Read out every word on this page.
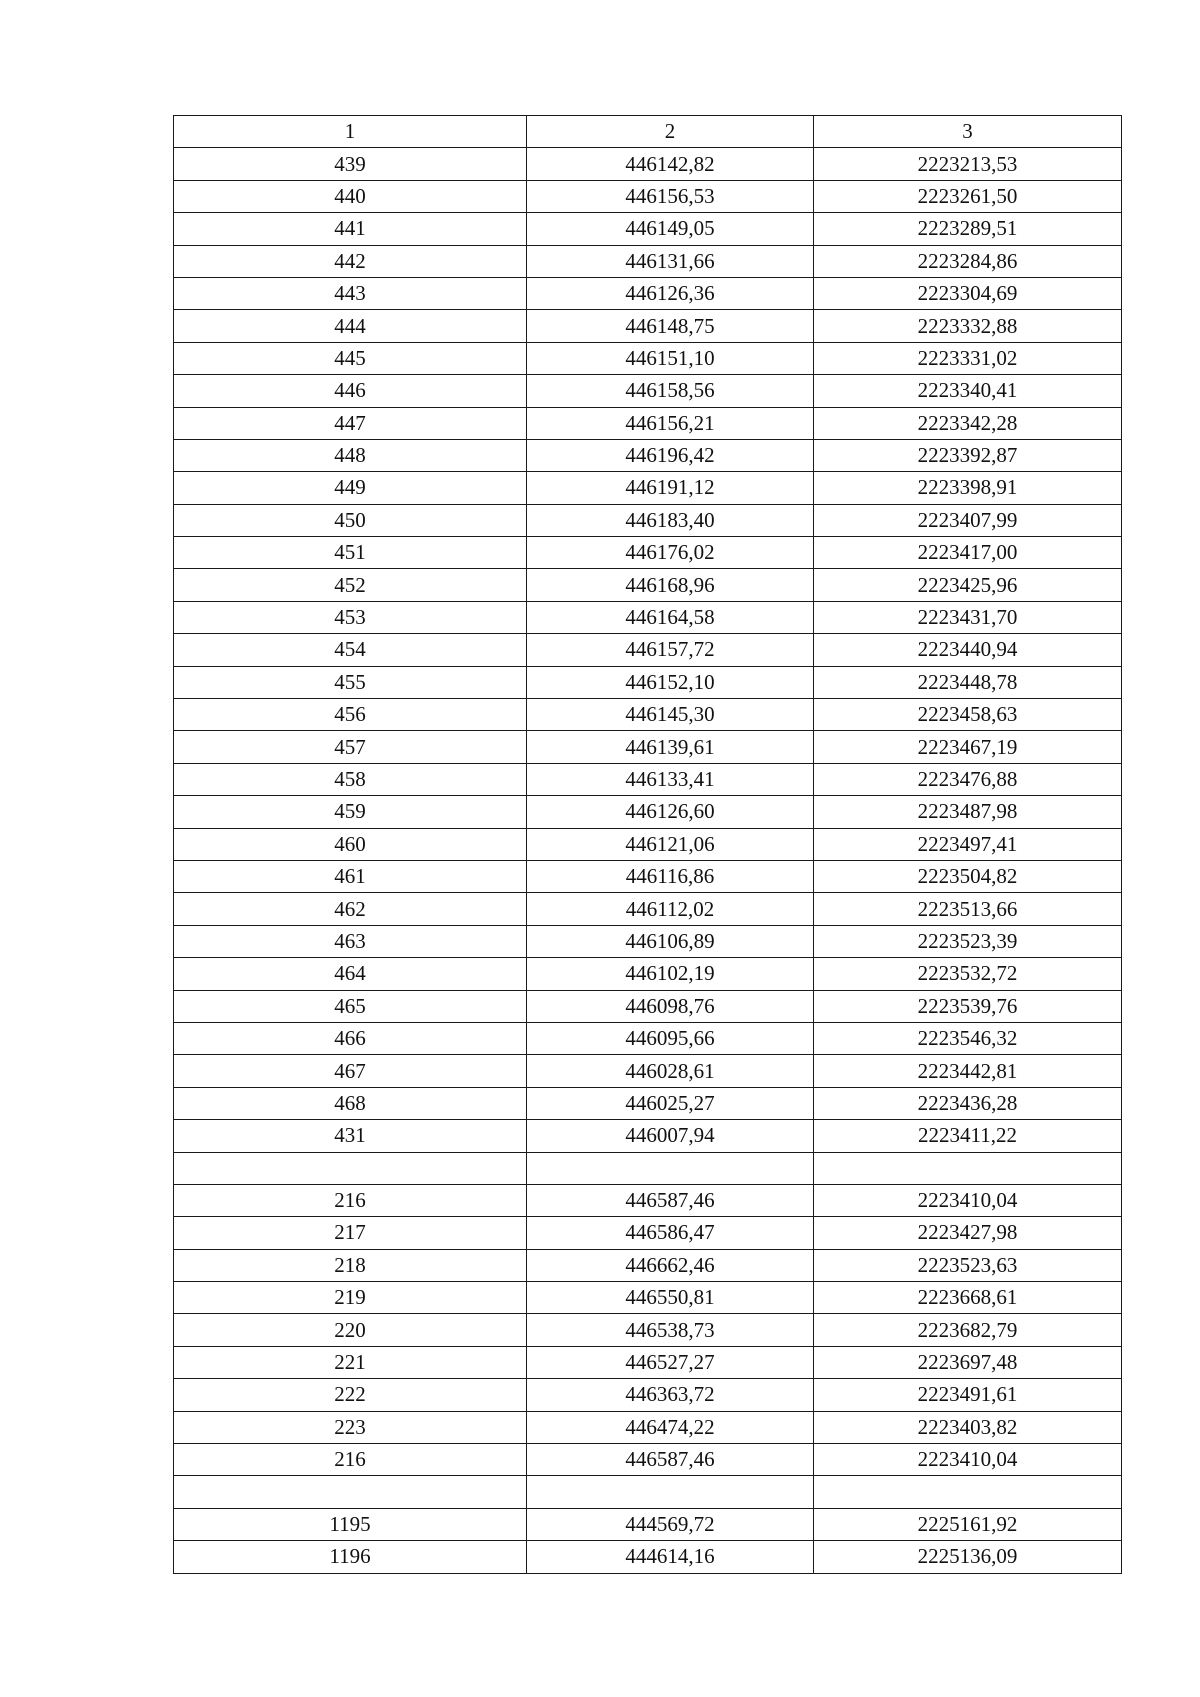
1	2	3
439	446142,82	2223213,53
440	446156,53	2223261,50
441	446149,05	2223289,51
442	446131,66	2223284,86
443	446126,36	2223304,69
444	446148,75	2223332,88
445	446151,10	2223331,02
446	446158,56	2223340,41
447	446156,21	2223342,28
448	446196,42	2223392,87
449	446191,12	2223398,91
450	446183,40	2223407,99
451	446176,02	2223417,00
452	446168,96	2223425,96
453	446164,58	2223431,70
454	446157,72	2223440,94
455	446152,10	2223448,78
456	446145,30	2223458,63
457	446139,61	2223467,19
458	446133,41	2223476,88
459	446126,60	2223487,98
460	446121,06	2223497,41
461	446116,86	2223504,82
462	446112,02	2223513,66
463	446106,89	2223523,39
464	446102,19	2223532,72
465	446098,76	2223539,76
466	446095,66	2223546,32
467	446028,61	2223442,81
468	446025,27	2223436,28
431	446007,94	2223411,22

216	446587,46	2223410,04
217	446586,47	2223427,98
218	446662,46	2223523,63
219	446550,81	2223668,61
220	446538,73	2223682,79
221	446527,27	2223697,48
222	446363,72	2223491,61
223	446474,22	2223403,82
216	446587,46	2223410,04

1195	444569,72	2225161,92
1196	444614,16	2225136,09
